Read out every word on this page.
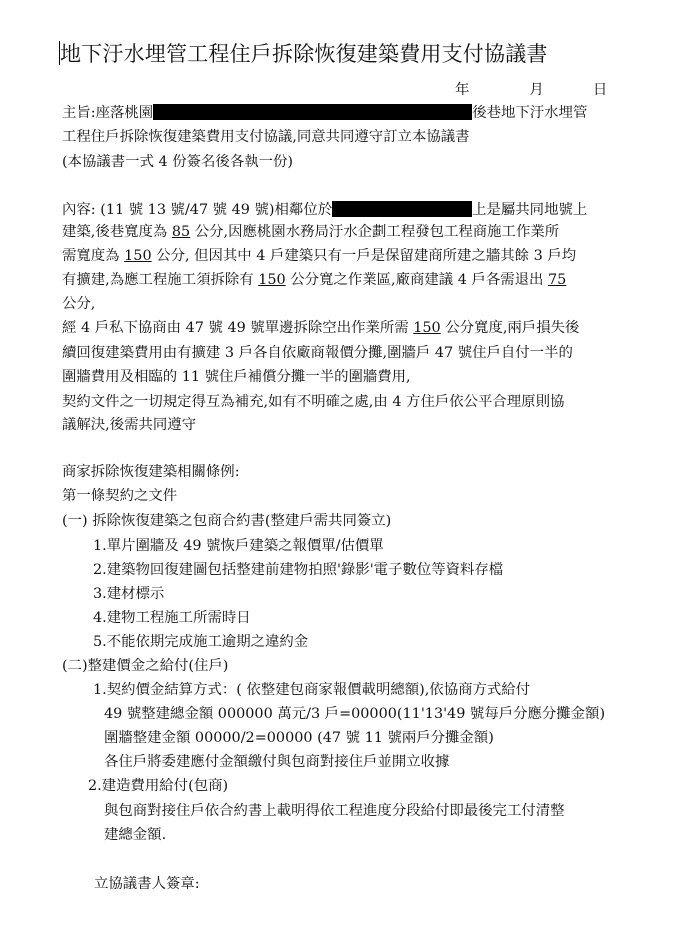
地下汙水埋管工程住戶拆除恢復建築費用支付協議書
年	月	日
主旨:座落桃園	後巷地下汙水埋管
工程住戶拆除恢復建築費用支付協議,同意共同遵守訂立本協議書
(本協議書一式 4 份簽名後各執一份)
內容: (11 號 13 號/47 號 49 號)相鄰位於	上是屬共同地號上
建築,後巷寬度為 85 公分,因應桃園水務局汙水企劃工程發包工程商施工作業所
需寬度為 150 公分, 但因其中 4 戶建築只有一戶是保留建商所建之牆其餘 3 戶均
有擴建,為應工程施工須拆除有 150 公分寬之作業區,廠商建議 4 戶各需退出 75
公分,
經 4 戶私下協商由 47 號 49 號單邊拆除空出作業所需 150 公分寬度,兩戶損失後
續回復建築費用由有擴建 3 戶各自依廠商報價分攤,圍牆戶 47 號住戶自付一半的
圍牆費用及相臨的 11 號住戶補償分攤一半的圍牆費用,
契約文件之一切規定得互為補充,如有不明確之處,由 4 方住戶依公平合理原則協
議解決,後需共同遵守
商家拆除恢復建築相關條例:
第一條契約之文件
(一) 拆除恢復建築之包商合約書(整建戶需共同簽立)
1.單片圍牆及 49 號恢戶建築之報價單/估價單
2.建築物回復建圖包括整建前建物拍照'錄影'電子數位等資料存檔
3.建材標示
4.建物工程施工所需時日
5.不能依期完成施工逾期之違約金
(二)整建價金之給付(住戶)
1.契約價金結算方式：( 依整建包商家報價載明總額),依協商方式給付
49 號整建總金額 000000 萬元/3 戶=00000(11'13'49 號每戶分應分攤金額)
圍牆整建金額 00000/2=00000 (47 號 11 號兩戶分攤金額)
各住戶將委建應付金額繳付與包商對接住戶並開立收據
2.建造費用給付(包商)
與包商對接住戶依合約書上載明得依工程進度分段給付即最後完工付清整
建總金額.
立協議書人簽章:
